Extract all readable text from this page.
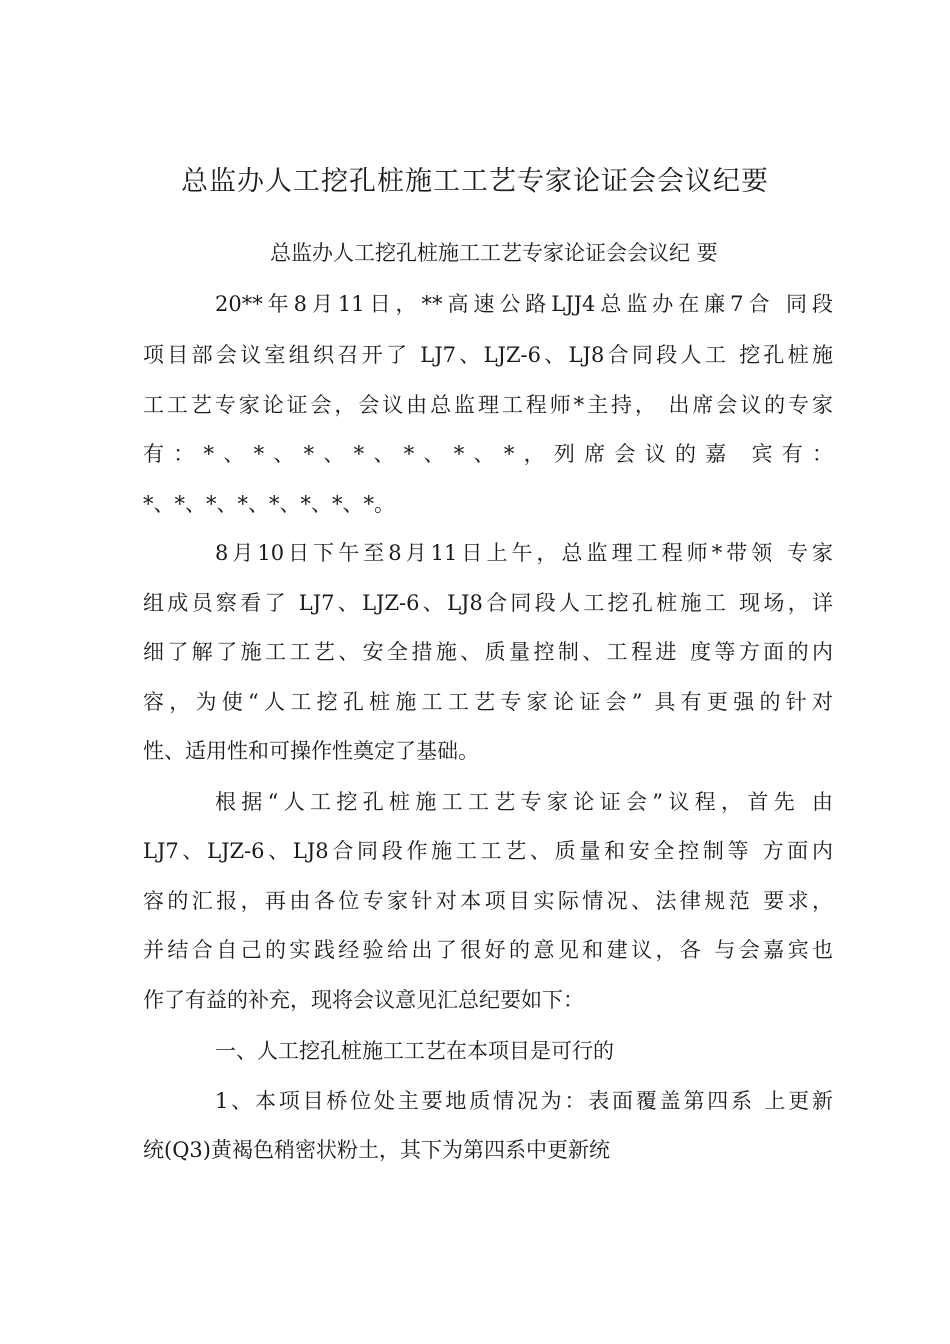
总监办人工挖孔桩施工工艺专家论证会会议纪要
总监办人工挖孔桩施工工艺专家论证会会议纪 要
20**年8月11日，**高速公路LJJ4总监办在廉7合 同段
项目部会议室组织召开了 LJ7、LJZ-6、LJ8合同段人工 挖孔桩施
工工艺专家论证会，会议由总监理工程师*主持， 出席会议的专家
有：*、*、*、*、*、*、*，列席会议的嘉 宾有：
*、*、*、*、*、*、*、*。
8月10日下午至8月11日上午，总监理工程师*带领 专家
组成员察看了 LJ7、LJZ-6、LJ8合同段人工挖孔桩施工 现场，详
细了解了施工工艺、安全措施、质量控制、工程进 度等方面的内
容，为使“人工挖孔桩施工工艺专家论证会” 具有更强的针对
性、适用性和可操作性奠定了基础。
根据“人工挖孔桩施工工艺专家论证会”议程，首先 由
LJ7、LJZ-6、LJ8合同段作施工工艺、质量和安全控制等 方面内
容的汇报，再由各位专家针对本项目实际情况、法律规范 要求，
并结合自己的实践经验给出了很好的意见和建议，各 与会嘉宾也
作了有益的补充，现将会议意见汇总纪要如下：
一、人工挖孔桩施工工艺在本项目是可行的
1、本项目桥位处主要地质情况为：表面覆盖第四系 上更新
统(Q3)黄褐色稍密状粉土，其下为第四系中更新统
